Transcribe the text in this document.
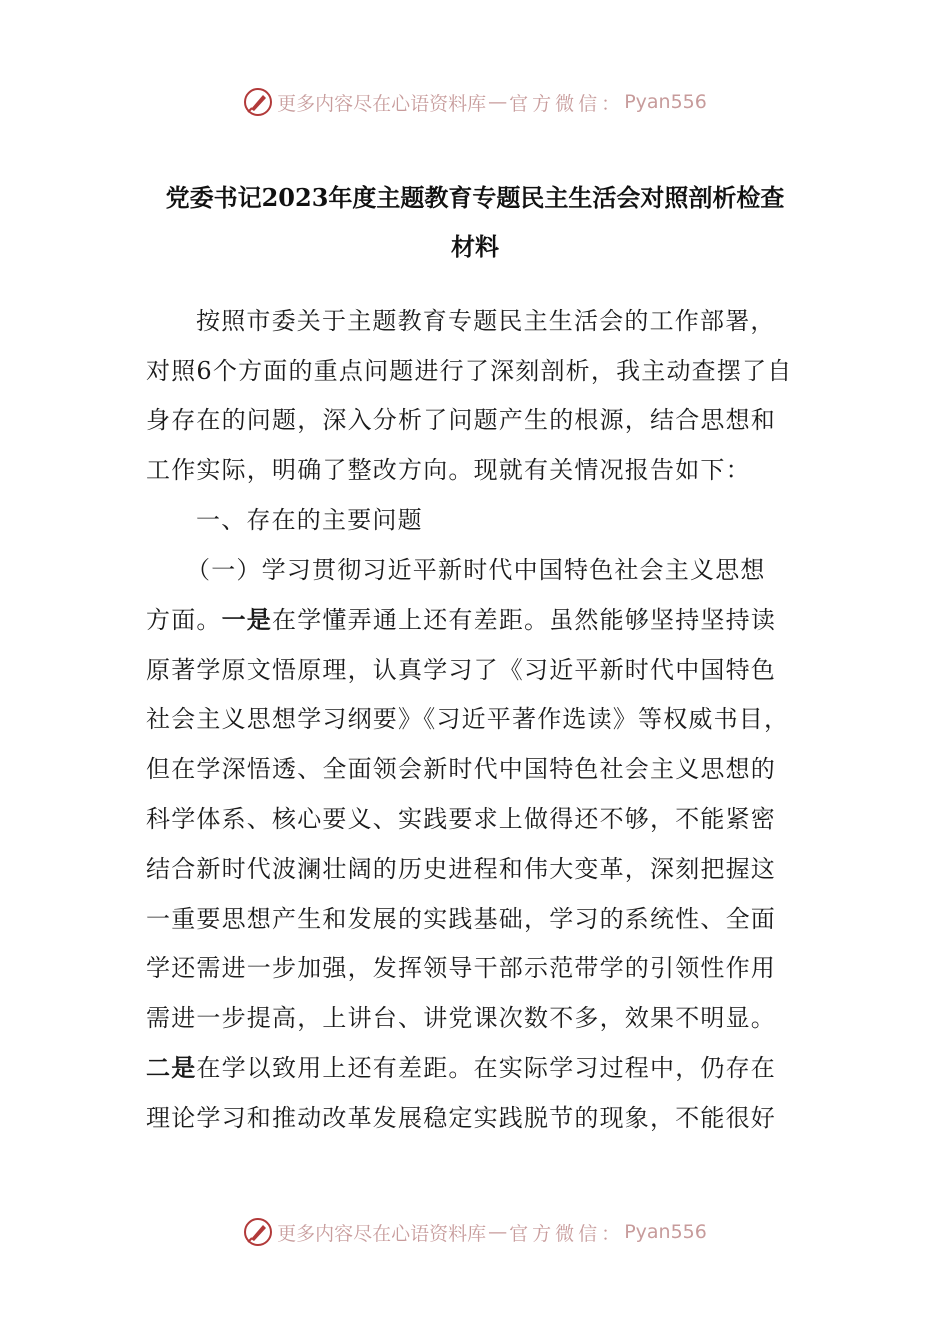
更多内容尽在心语资料库 — 官方微信： Pyan556
党委书记2023年度主题教育专题民主生活会对照剖析检查
材料
按照市委关于主题教育专题民主生活会的工作部署，
对照6个方面的重点问题进行了深刻剖析，我主动查摆了自
身存在的问题，深入分析了问题产生的根源，结合思想和
工作实际，明确了整改方向。现就有关情况报告如下：
一、存在的主要问题
（一）学习贯彻习近平新时代中国特色社会主义思想
方面。一是在学懂弄通上还有差距。虽然能够坚持坚持读
原著学原文悟原理，认真学习了《习近平新时代中国特色
社会主义思想学习纲要》《习近平著作选读》等权威书目，
但在学深悟透、全面领会新时代中国特色社会主义思想的
科学体系、核心要义、实践要求上做得还不够，不能紧密
结合新时代波澜壮阔的历史进程和伟大变革，深刻把握这
一重要思想产生和发展的实践基础，学习的系统性、全面
学还需进一步加强，发挥领导干部示范带学的引领性作用
需进一步提高，上讲台、讲党课次数不多，效果不明显。
二是在学以致用上还有差距。在实际学习过程中，仍存在
理论学习和推动改革发展稳定实践脱节的现象，不能很好
更多内容尽在心语资料库 — 官方微信： Pyan556
